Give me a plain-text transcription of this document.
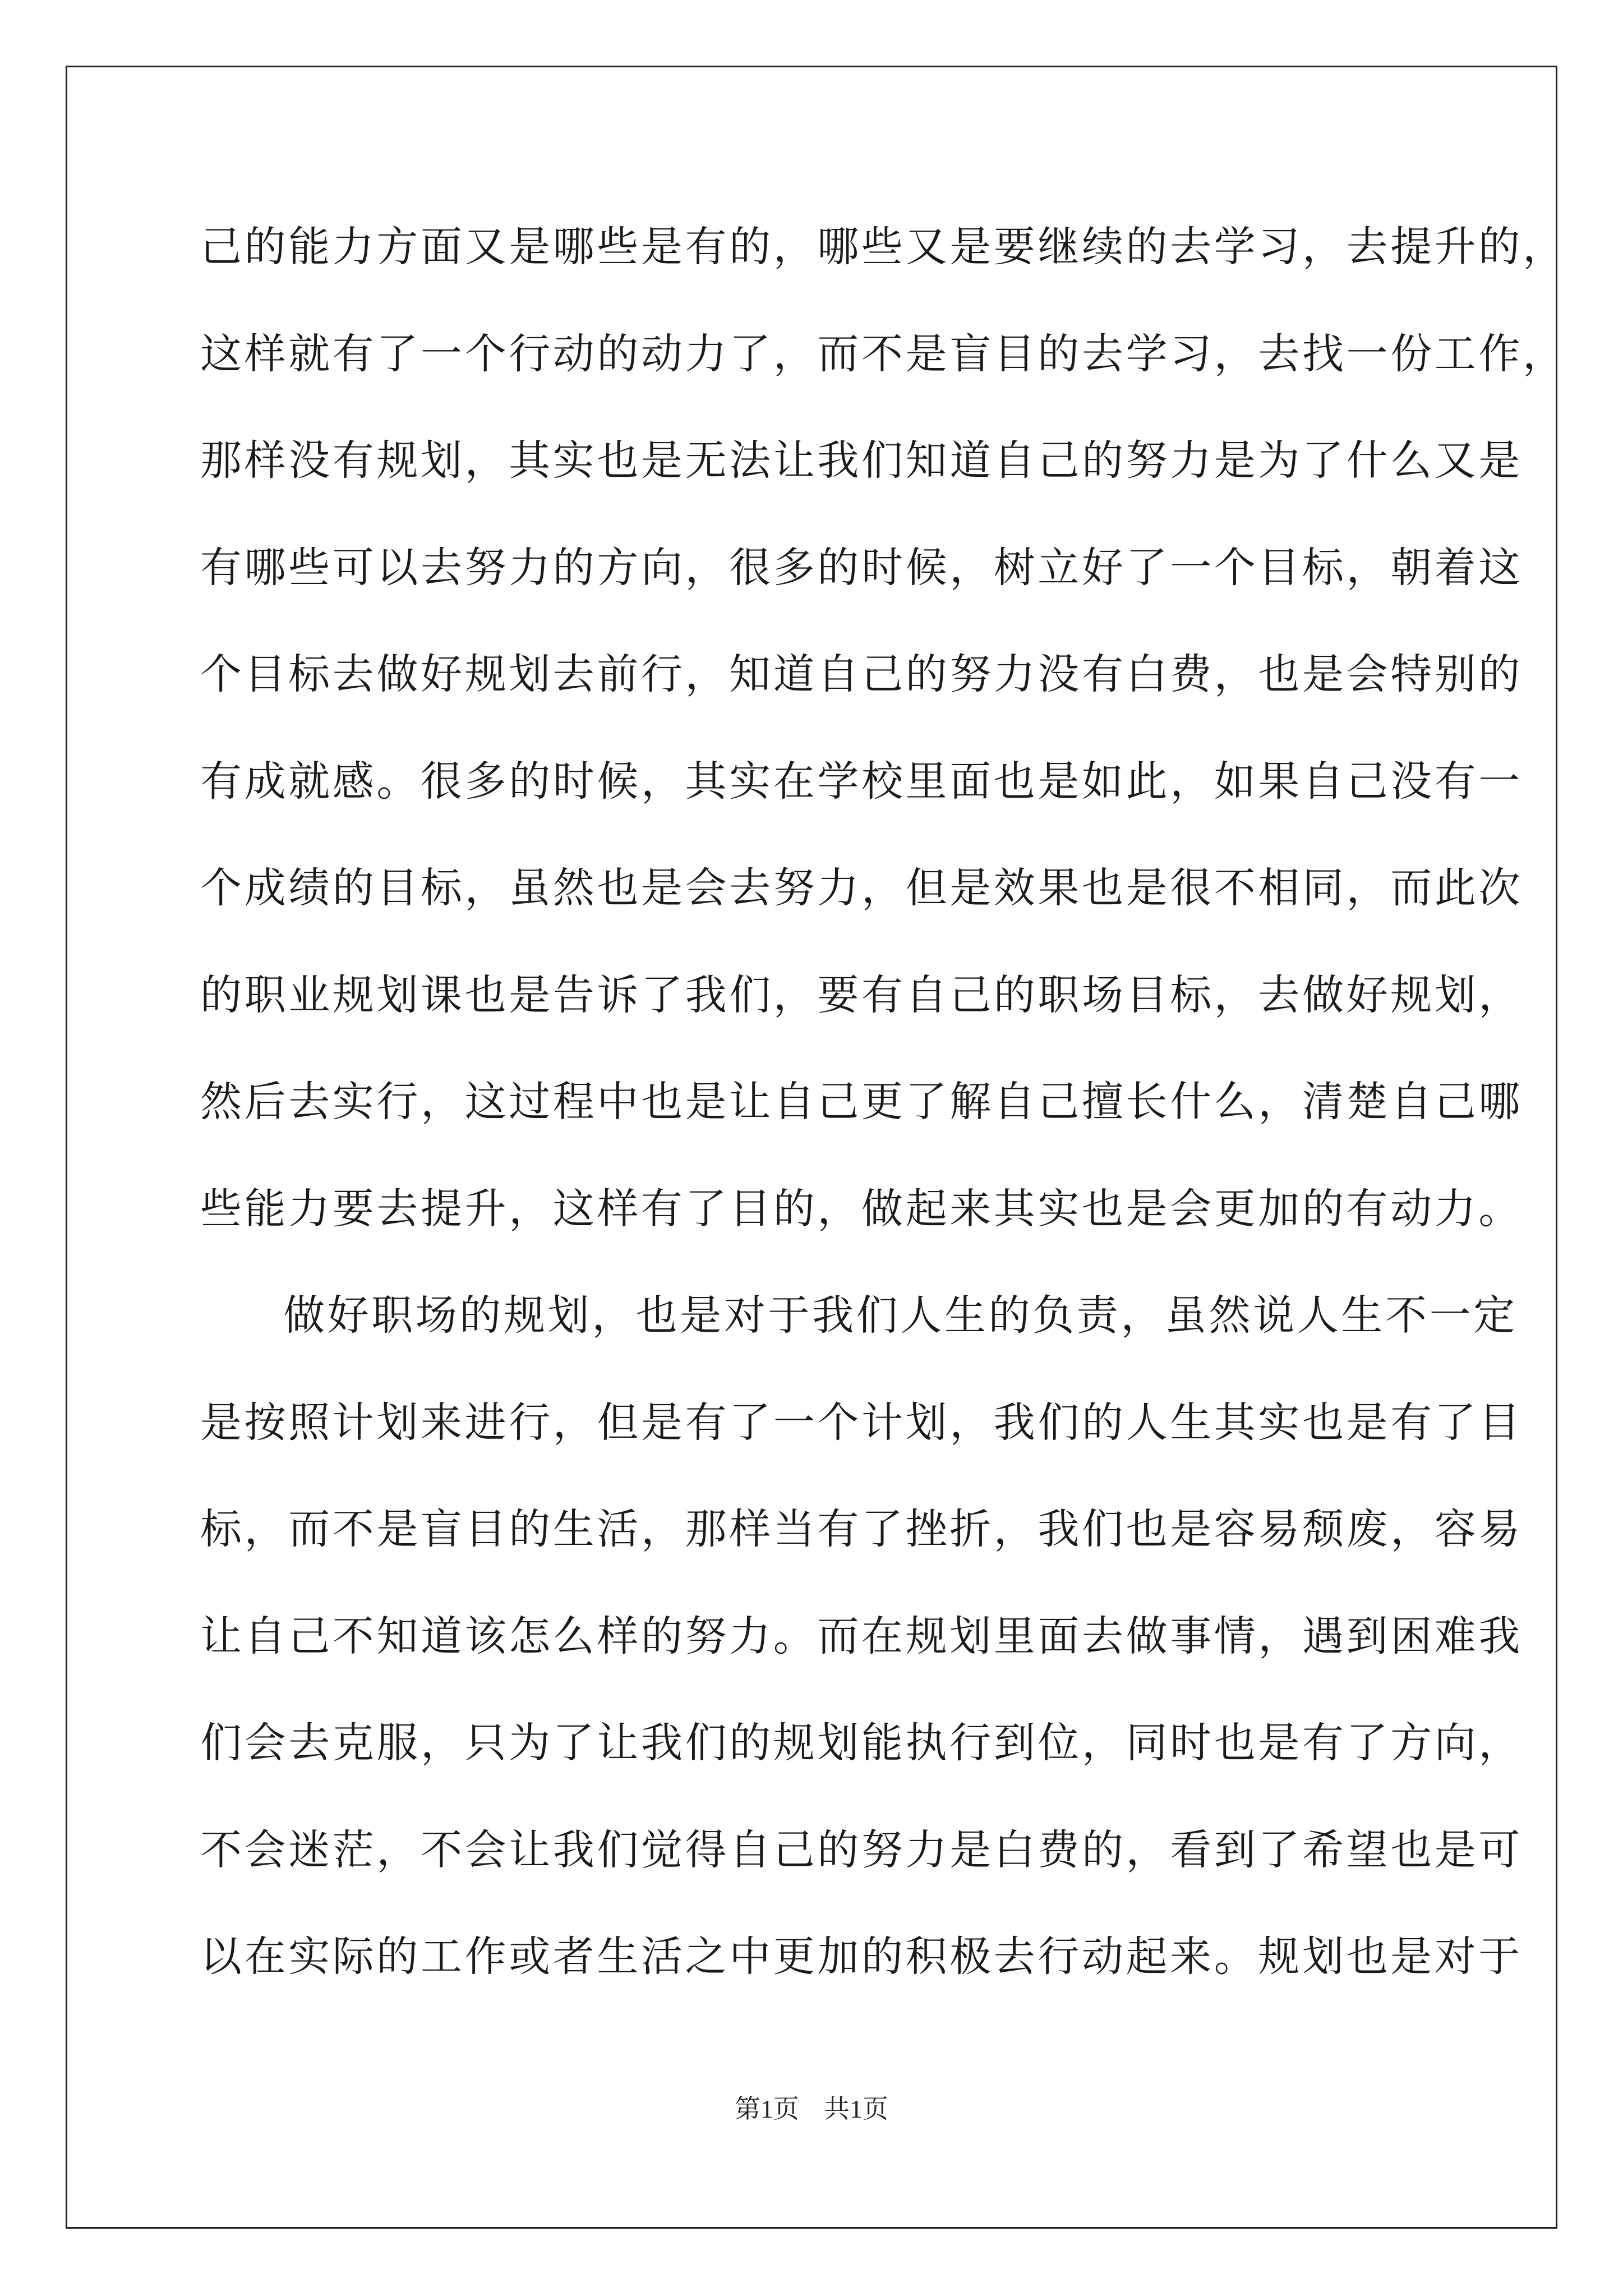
己的能力方面又是哪些是有的，哪些又是要继续的去学习，去提升的，
这样就有了一个行动的动力了，而不是盲目的去学习，去找一份工作，
那样没有规划，其实也是无法让我们知道自己的努力是为了什么又是
有哪些可以去努力的方向，很多的时候，树立好了一个目标，朝着这
个目标去做好规划去前行，知道自己的努力没有白费，也是会特别的
有成就感。很多的时候，其实在学校里面也是如此，如果自己没有一
个成绩的目标，虽然也是会去努力，但是效果也是很不相同，而此次
的职业规划课也是告诉了我们，要有自己的职场目标，去做好规划，
然后去实行，这过程中也是让自己更了解自己擅长什么，清楚自己哪
些能力要去提升，这样有了目的，做起来其实也是会更加的有动力。
做好职场的规划，也是对于我们人生的负责，虽然说人生不一定
是按照计划来进行，但是有了一个计划，我们的人生其实也是有了目
标，而不是盲目的生活，那样当有了挫折，我们也是容易颓废，容易
让自己不知道该怎么样的努力。而在规划里面去做事情，遇到困难我
们会去克服，只为了让我们的规划能执行到位，同时也是有了方向，
不会迷茫，不会让我们觉得自己的努力是白费的，看到了希望也是可
以在实际的工作或者生活之中更加的积极去行动起来。规划也是对于
第1页 共1页
